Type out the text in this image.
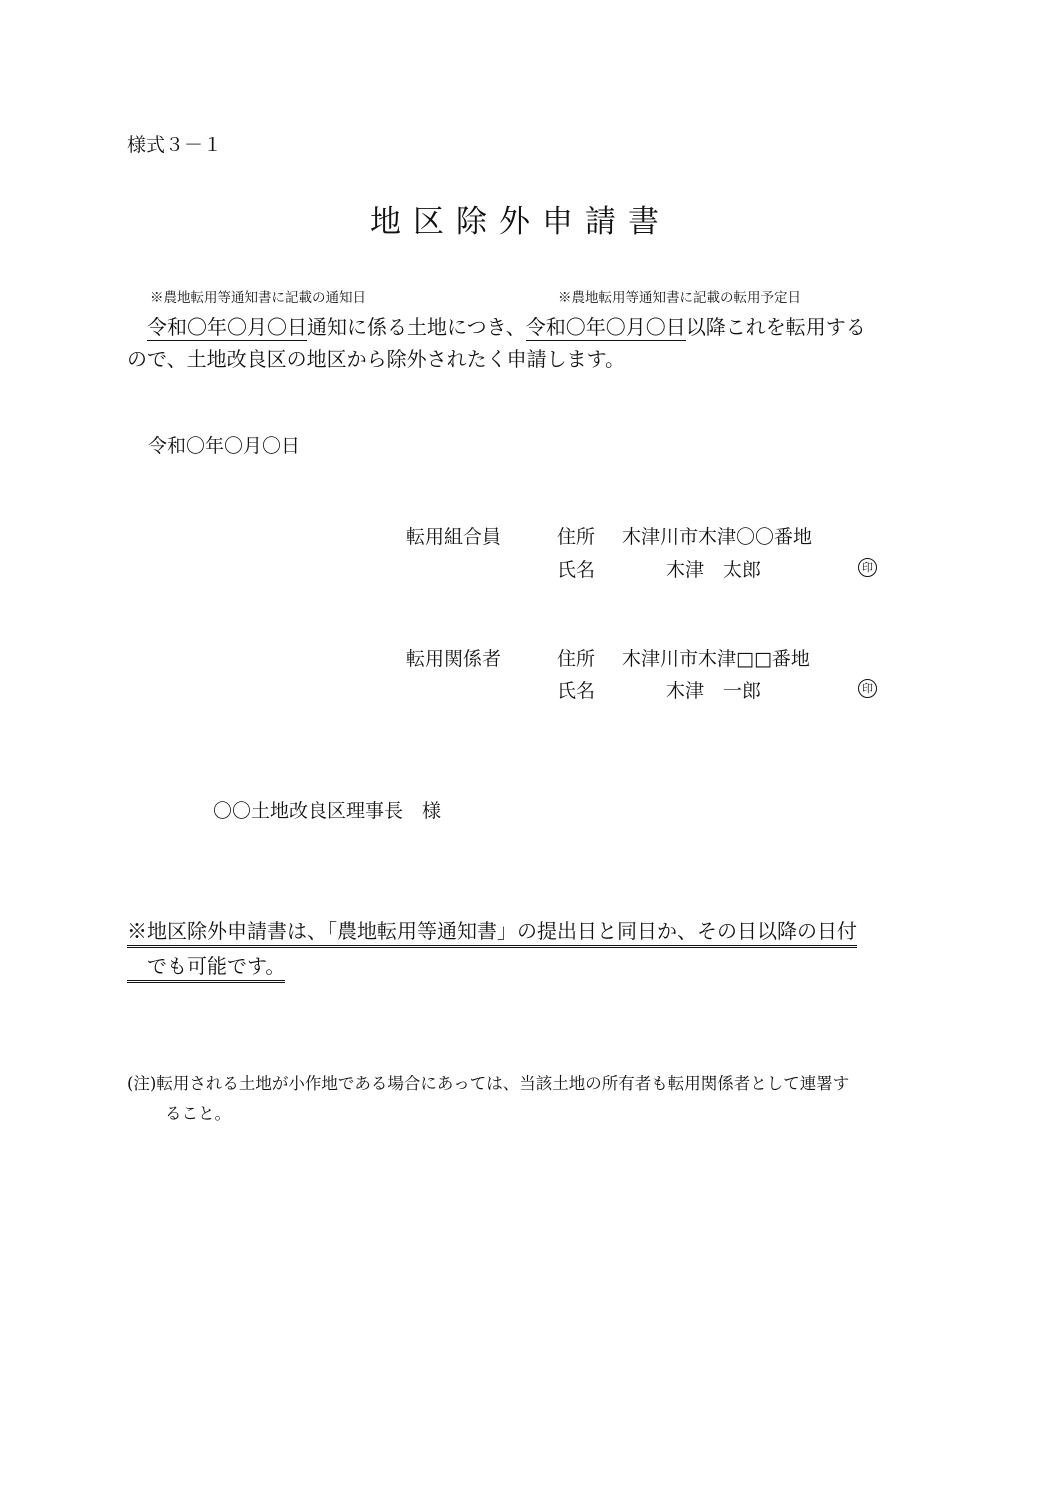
様式３－１
地区除外申請書
※農地転用等通知書に記載の通知日	※農地転用等通知書に記載の転用予定日
　令和〇年〇月〇日通知に係る土地につき、令和〇年〇月〇日以降これを転用する
ので、土地改良区の地区から除外されたく申請します。
令和〇年〇月〇日
転用組合員	住所 木津川市木津〇〇番地
氏名	木津　太郎	印
転用関係者	住所 木津川市木津□□番地
氏名	木津　一郎	印
〇〇土地改良区理事長　様
※地区除外申請書は、「農地転用等通知書」の提出日と同日か、その日以降の日付
　でも可能です。
(注)転用される土地が小作地である場合にあっては、当該土地の所有者も転用関係者として連署す
ること。
